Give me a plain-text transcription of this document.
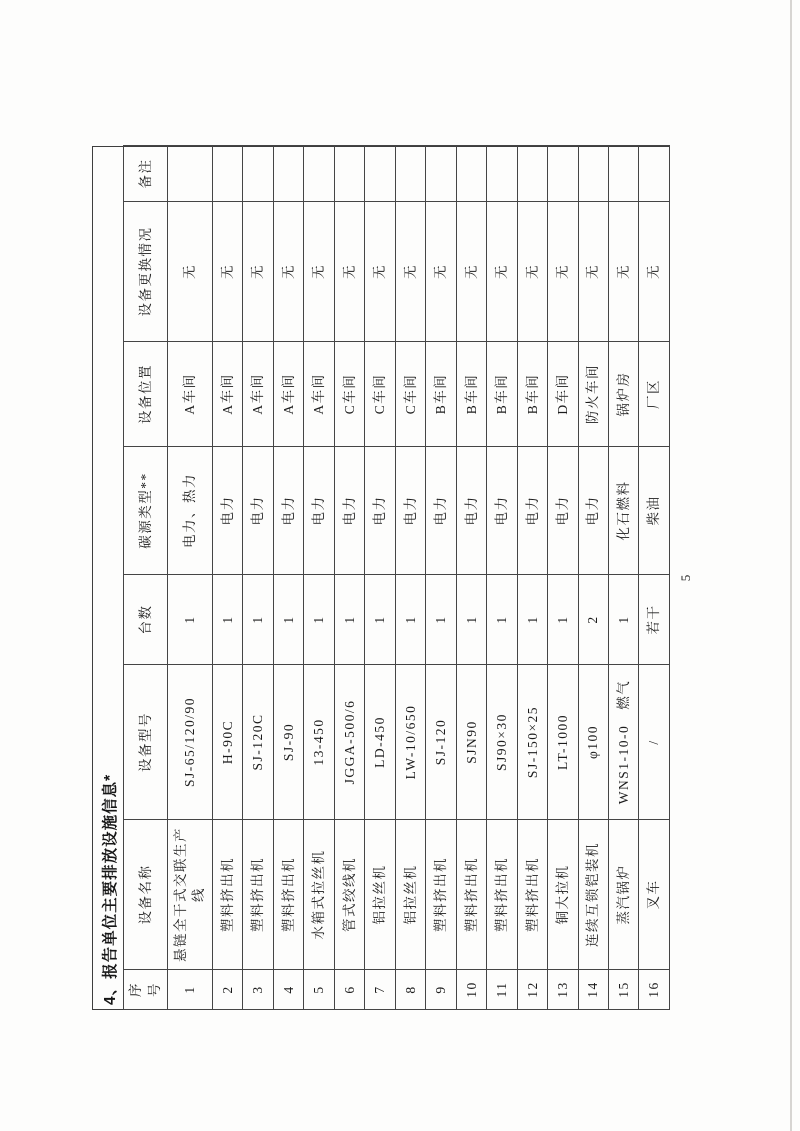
4、报告单位主要排放设施信息* 序号	设备名称	设备型号	台数	碳源类型**	设备位置	设备更换情况	备注
1	悬链全干式交联生产线	SJ-65/120/90	1	电力、热力	A车间	无	
2	塑料挤出机	H-90C	1	电力	A车间	无	
3	塑料挤出机	SJ-120C	1	电力	A车间	无	
4	塑料挤出机	SJ-90	1	电力	A车间	无	
5	水箱式拉丝机	13-450	1	电力	A车间	无	
6	管式绞线机	JGGA-500/6	1	电力	C车间	无	
7	铝拉丝机	LD-450	1	电力	C车间	无	
8	铝拉丝机	LW-10/650	1	电力	C车间	无	
9	塑料挤出机	SJ-120	1	电力	B车间	无	
10	塑料挤出机	SJN90	1	电力	B车间	无	
11	塑料挤出机	SJ90×30	1	电力	B车间	无	
12	塑料挤出机	SJ-150×25	1	电力	B车间	无	
13	铜大拉机	LT-1000	1	电力	D车间	无	
14	连续互锁铠装机	φ100	2	电力	防火车间	无	
15	蒸汽锅炉	WNS1-10-0　燃气	1	化石燃料	锅炉房	无	
16	叉车	/	若干	柴油	厂区	无	
5
